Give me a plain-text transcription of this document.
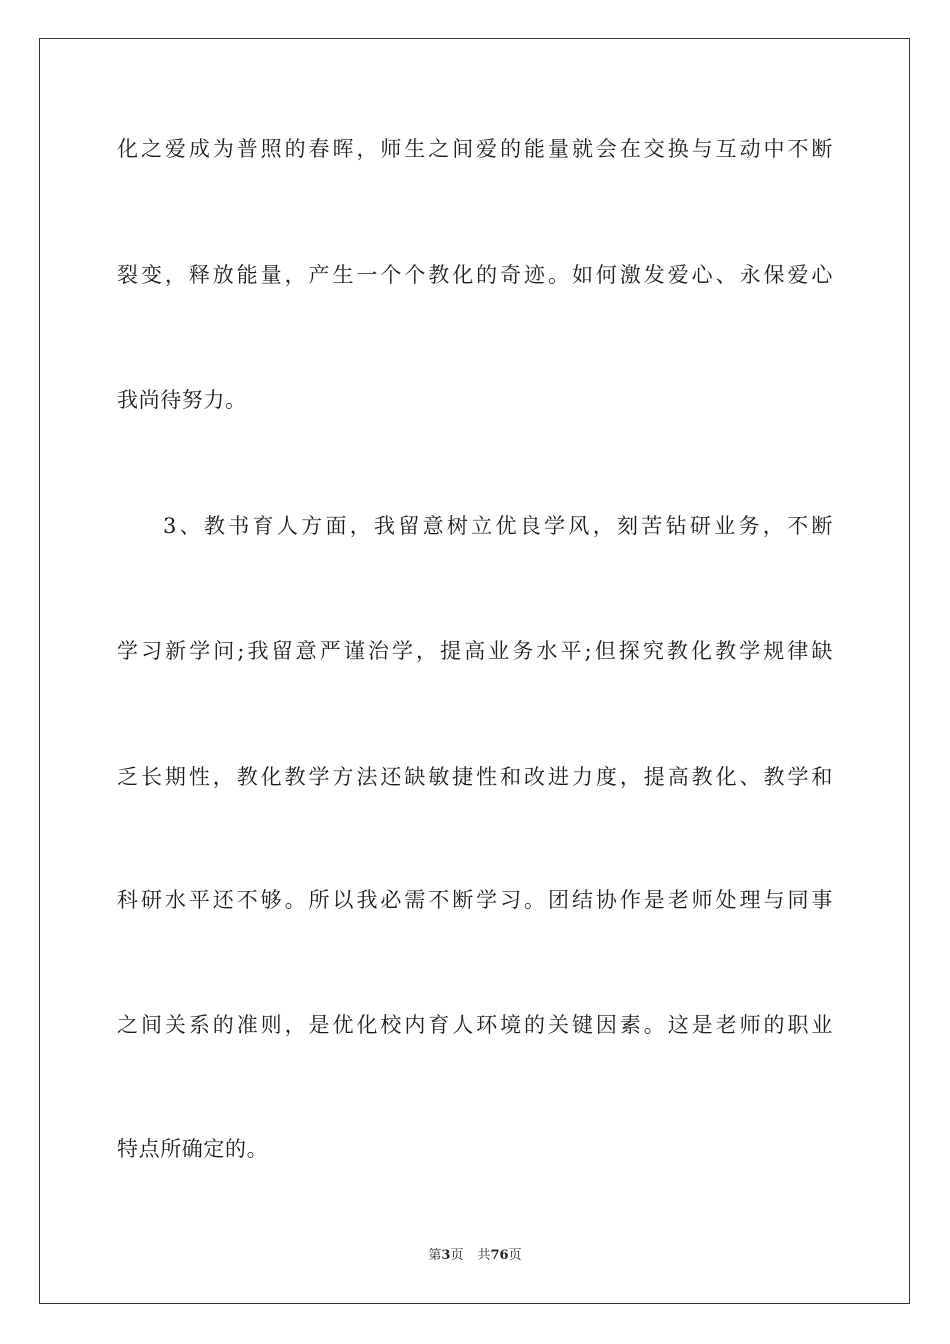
化之爱成为普照的春晖，师生之间爱的能量就会在交换与互动中不断
裂变，释放能量，产生一个个教化的奇迹。如何激发爱心、永保爱心
我尚待努力。
3、教书育人方面，我留意树立优良学风，刻苦钻研业务，不断
学习新学问;我留意严谨治学，提高业务水平;但探究教化教学规律缺
乏长期性，教化教学方法还缺敏捷性和改进力度，提高教化、教学和
科研水平还不够。所以我必需不断学习。团结协作是老师处理与同事
之间关系的准则，是优化校内育人环境的关键因素。这是老师的职业
特点所确定的。
第3页 共76页
